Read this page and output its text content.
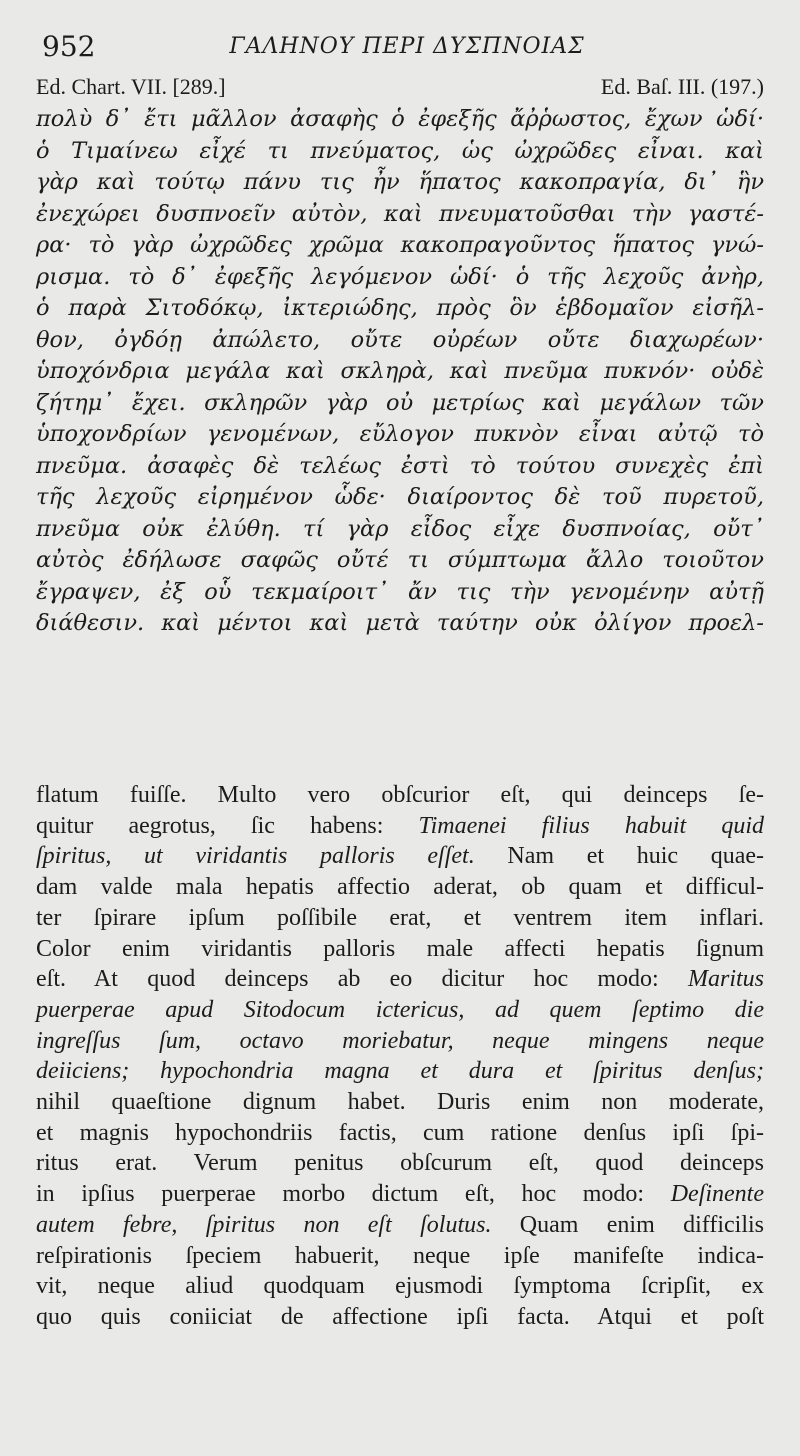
952	ΓΑΛΗΝΟΥ ΠΕΡΙ ΔΥΣΠΝΟΙΑΣ
Ed. Chart. VII. [289.]	Ed. Baſ. III. (197.)
πολὺ δ᾽ ἔτι μᾶλλον ἀσαφὴς ὁ ἐφεξῆς ἄῤῥωστος, ἔχων ὡδί·
ὁ Τιμαίνεω εἶχέ τι πνεύματος, ὡς ὠχρῶδες εἶναι. καὶ
γὰρ καὶ τούτῳ πάνυ τις ἦν ἥπατος κακοπραγία, δι᾽ ἣν
ἐνεχώρει δυσπνοεῖν αὐτὸν, καὶ πνευματοῦσθαι τὴν γαστέ-
ρα· τὸ γὰρ ὠχρῶδες χρῶμα κακοπραγοῦντος ἥπατος γνώ-
ρισμα. τὸ δ᾽ ἐφεξῆς λεγόμενον ὡδί· ὁ τῆς λεχοῦς ἀνὴρ,
ὁ παρὰ Σιτοδόκῳ, ἰκτεριώδης, πρὸς ὃν ἑβδομαῖον εἰσῆλ-
θον, ὀγδόῃ ἀπώλετο, οὔτε οὐρέων οὔτε διαχωρέων·
ὑποχόνδρια μεγάλα καὶ σκληρὰ, καὶ πνεῦμα πυκνόν· οὐδὲ
ζήτημ᾽ ἔχει. σκληρῶν γὰρ οὐ μετρίως καὶ μεγάλων τῶν
ὑποχονδρίων γενομένων, εὔλογον πυκνὸν εἶναι αὐτῷ τὸ
πνεῦμα. ἀσαφὲς δὲ τελέως ἐστὶ τὸ τούτου συνεχὲς ἐπὶ
τῆς λεχοῦς εἰρημένον ὧδε· διαίροντος δὲ τοῦ πυρετοῦ,
πνεῦμα οὐκ ἐλύθη. τί γὰρ εἶδος εἶχε δυσπνοίας, οὔτ᾽
αὐτὸς ἐδήλωσε σαφῶς οὔτέ τι σύμπτωμα ἄλλο τοιοῦτον
ἔγραψεν, ἐξ οὗ τεκμαίροιτ᾽ ἄν τις τὴν γενομένην αὐτῇ
διάθεσιν. καὶ μέντοι καὶ μετὰ ταύτην οὐκ ὀλίγον προελ-
flatum fuiſſe. Multo vero obſcurior eſt, qui deinceps ſe-
quitur aegrotus, ſic habens: Timaenei filius habuit quid
ſpiritus, ut viridantis palloris eſſet. Nam et huic quae-
dam valde mala hepatis affectio aderat, ob quam et difficul-
ter ſpirare ipſum poſſibile erat, et ventrem item inflari.
Color enim viridantis palloris male affecti hepatis ſignum
eſt. At quod deinceps ab eo dicitur hoc modo: Maritus
puerperae apud Sitodocum ictericus, ad quem ſeptimo die
ingreſſus ſum, octavo moriebatur, neque mingens neque
deiiciens; hypochondria magna et dura et ſpiritus denſus;
nihil quaeſtione dignum habet. Duris enim non moderate,
et magnis hypochondriis factis, cum ratione denſus ipſi ſpi-
ritus erat. Verum penitus obſcurum eſt, quod deinceps
in ipſius puerperae morbo dictum eſt, hoc modo: Deſinente
autem febre, ſpiritus non eſt ſolutus. Quam enim difficilis
reſpirationis ſpeciem habuerit, neque ipſe manifeſte indica-
vit, neque aliud quodquam ejusmodi ſymptoma ſcripſit, ex
quo quis coniiciat de affectione ipſi facta. Atqui et poſt
